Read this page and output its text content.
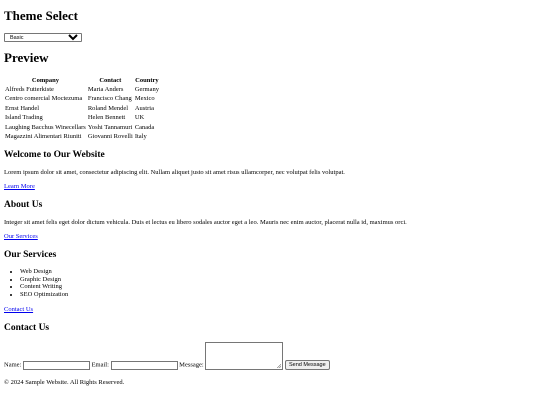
Theme Select
Basic
Preview
Company	Contact	Country
Alfreds Futterkiste	Maria Anders	Germany
Centro comercial Moctezuma	Francisco Chang	Mexico
Ernst Handel	Roland Mendel	Austria
Island Trading	Helen Bennett	UK
Laughing Bacchus Winecellars	Yoshi Tannamuri	Canada
Magazzini Alimentari Riuniti	Giovanni Rovelli	Italy
Welcome to Our Website

Lorem ipsum dolor sit amet, consectetur adipiscing elit. Nullam aliquet justo sit amet risus ullamcorper, nec volutpat felis volutpat.

Learn More
About Us

Integer sit amet felis eget dolor dictum vehicula. Duis et lectus eu libero sodales auctor eget a leo. Mauris nec enim auctor, placerat nulla id, maximus orci.

Our Services
Our Services
• Web Design
• Graphic Design
• Content Writing
• SEO Optimization
Contact Us
Contact Us
Name:	Email:	Message:	Send Message

© 2024 Sample Website. All Rights Reserved.
